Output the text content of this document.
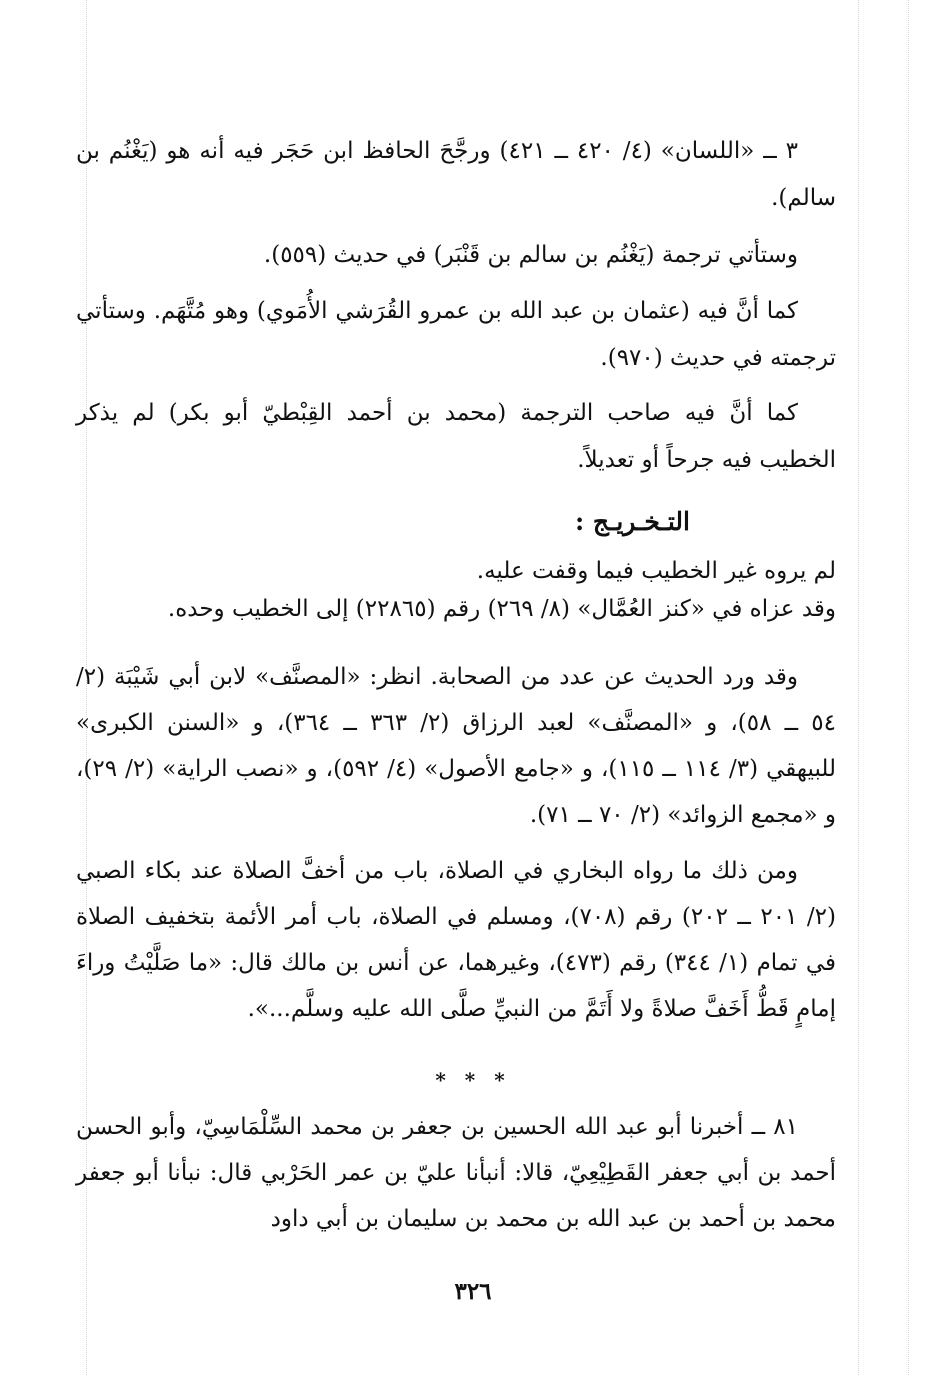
٣ ــ «اللسان» (٤/ ٤٢٠ ــ ٤٢١) ورجَّحَ الحافظ ابن حَجَر فيه أنه هو (يَغْنُم بن سالم).

وستأتي ترجمة (يَغْنُم بن سالم بن قَنْبَر) في حديث (٥٥٩).

كما أنَّ فيه (عثمان بن عبد الله بن عمرو القُرَشي الأُمَوي) وهو مُتَّهَم. وستأتي ترجمته في حديث (٩٧٠).

كما أنَّ فيه صاحب الترجمة (محمد بن أحمد القِبْطيّ أبو بكر) لم يذكر الخطيب فيه جرحاً أو تعديلاً.

التـخـريـج :

لم يروه غير الخطيب فيما وقفت عليه.

وقد عزاه في «كنز العُمَّال» (٨/ ٢٦٩) رقم (٢٢٨٦٥) إلى الخطيب وحده.

وقد ورد الحديث عن عدد من الصحابة. انظر: «المصنَّف» لابن أبي شَيْبَة (٢/ ٥٤ ــ ٥٨)، و «المصنَّف» لعبد الرزاق (٢/ ٣٦٣ ــ ٣٦٤)، و «السنن الكبرى» للبيهقي (٣/ ١١٤ ــ ١١٥)، و «جامع الأصول» (٤/ ٥٩٢)، و «نصب الراية» (٢/ ٢٩)، و «مجمع الزوائد» (٢/ ٧٠ ــ ٧١).

ومن ذلك ما رواه البخاري في الصلاة، باب من أخفَّ الصلاة عند بكاء الصبي (٢/ ٢٠١ ــ ٢٠٢) رقم (٧٠٨)، ومسلم في الصلاة، باب أمر الأئمة بتخفيف الصلاة في تمام (١/ ٣٤٤) رقم (٤٧٣)، وغيرهما، عن أنس بن مالك قال: «ما صَلَّيْتُ وراءَ إمامٍ قَطُّ أَخَفَّ صلاةً ولا أَتَمَّ من النبيِّ صلَّى الله عليه وسلَّم...».

* * *

٨١ ــ أخبرنا أبو عبد الله الحسين بن جعفر بن محمد السِّلْمَاسِيّ، وأبو الحسن أحمد بن أبي جعفر القَطِيْعِيّ، قالا: أنبأنا عليّ بن عمر الحَرْبي قال: نبأنا أبو جعفر محمد بن أحمد بن عبد الله بن محمد بن سليمان بن أبي داود

٣٢٦
